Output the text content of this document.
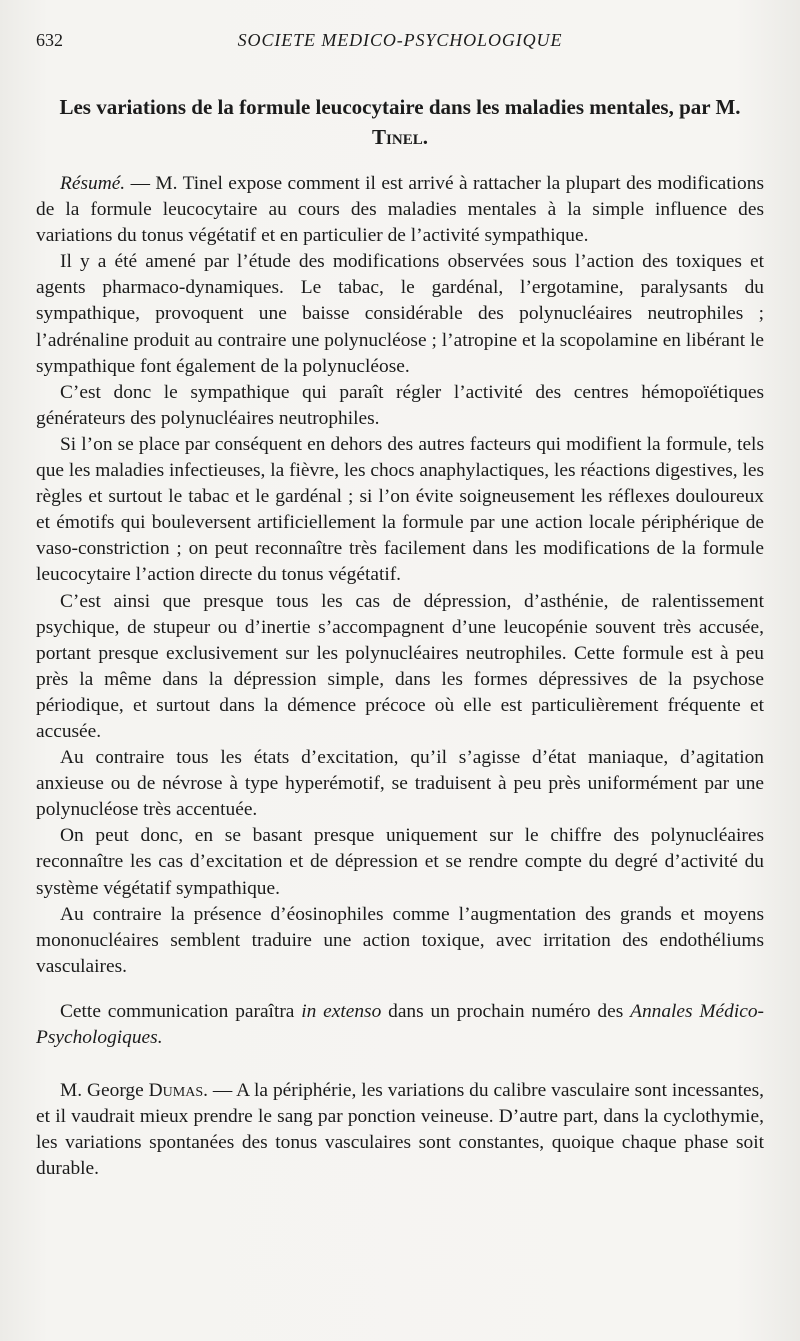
632	SOCIETE MEDICO-PSYCHOLOGIQUE
Les variations de la formule leucocytaire dans les maladies mentales, par M. Tinel.

Résumé. — M. Tinel expose comment il est arrivé à rattacher la plupart des modifications de la formule leucocytaire au cours des maladies mentales à la simple influence des variations du tonus végétatif et en particulier de l’activité sympathique.

Il y a été amené par l’étude des modifications observées sous l’action des toxiques et agents pharmaco-dynamiques. Le tabac, le gardénal, l’ergotamine, paralysants du sympathique, provoquent une baisse considérable des polynucléaires neutrophiles ; l’adrénaline produit au contraire une polynucléose ; l’atropine et la scopolamine en libérant le sympathique font également de la polynucléose.

C’est donc le sympathique qui paraît régler l’activité des centres hémopoïétiques générateurs des polynucléaires neutrophiles.

Si l’on se place par conséquent en dehors des autres facteurs qui modifient la formule, tels que les maladies infectieuses, la fièvre, les chocs anaphylactiques, les réactions digestives, les règles et surtout le tabac et le gardénal ; si l’on évite soigneusement les réflexes douloureux et émotifs qui bouleversent artificiellement la formule par une action locale périphérique de vaso-constriction ; on peut reconnaître très facilement dans les modifications de la formule leucocytaire l’action directe du tonus végétatif.

C’est ainsi que presque tous les cas de dépression, d’asthénie, de ralentissement psychique, de stupeur ou d’inertie s’accompagnent d’une leucopénie souvent très accusée, portant presque exclusivement sur les polynucléaires neutrophiles. Cette formule est à peu près la même dans la dépression simple, dans les formes dépressives de la psychose périodique, et surtout dans la démence précoce où elle est particulièrement fréquente et accusée.

Au contraire tous les états d’excitation, qu’il s’agisse d’état maniaque, d’agitation anxieuse ou de névrose à type hyperémotif, se traduisent à peu près uniformément par une polynucléose très accentuée.

On peut donc, en se basant presque uniquement sur le chiffre des polynucléaires reconnaître les cas d’excitation et de dépression et se rendre compte du degré d’activité du système végétatif sympathique.

Au contraire la présence d’éosinophiles comme l’augmentation des grands et moyens mononucléaires semblent traduire une action toxique, avec irritation des endothéliums vasculaires.

Cette communication paraîtra in extenso dans un prochain numéro des Annales Médico-Psychologiques.

M. George Dumas. — A la périphérie, les variations du calibre vasculaire sont incessantes, et il vaudrait mieux prendre le sang par ponction veineuse. D’autre part, dans la cyclothymie, les variations spontanées des tonus vasculaires sont constantes, quoique chaque phase soit durable.
